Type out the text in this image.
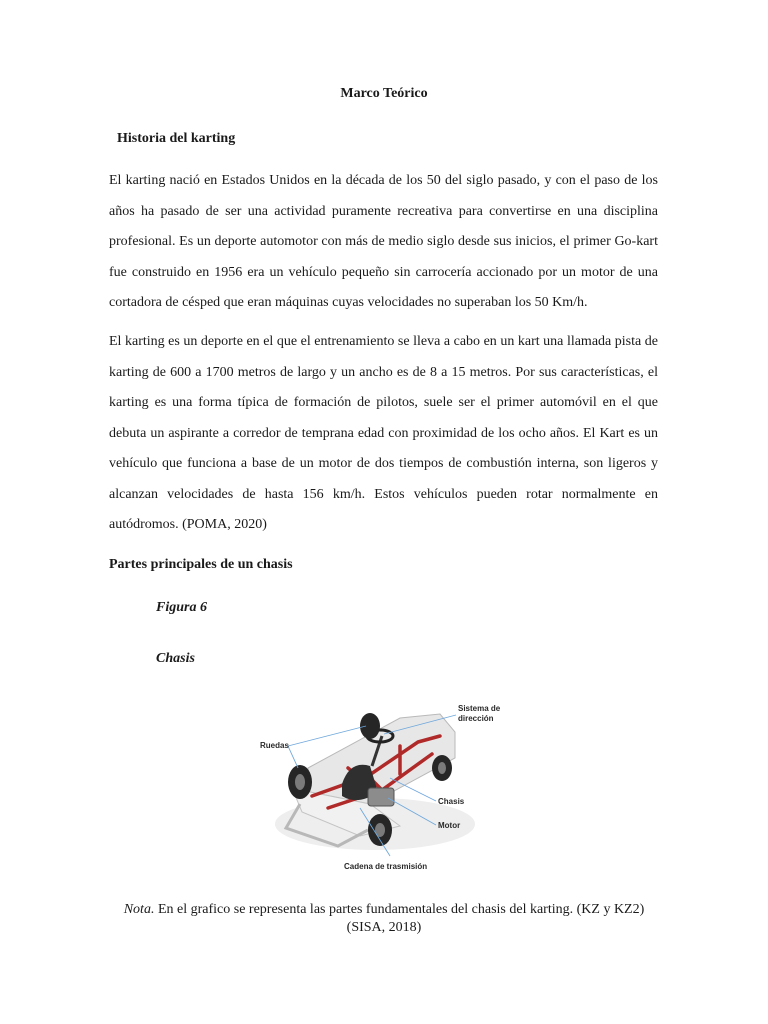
Marco Teórico
Historia del karting
El karting nació en Estados Unidos en la década de los 50 del siglo pasado, y con el paso de los años ha pasado de ser una actividad puramente recreativa para convertirse en una disciplina profesional. Es un deporte automotor con más de medio siglo desde sus inicios, el primer Go-kart fue construido en 1956 era un vehículo pequeño sin carrocería accionado por un motor de una cortadora de césped que eran máquinas cuyas velocidades no superaban los 50 Km/h.
El karting es un deporte en el que el entrenamiento se lleva a cabo en un kart una llamada pista de karting de 600 a 1700 metros de largo y un ancho es de 8 a 15 metros. Por sus características, el karting es una forma típica de formación de pilotos, suele ser el primer automóvil en el que debuta un aspirante a corredor de temprana edad con proximidad de los ocho años. El Kart es un vehículo que funciona a base de un motor de dos tiempos de combustión interna, son ligeros y alcanzan velocidades de hasta 156 km/h. Estos vehículos pueden rotar normalmente en autódromos. (POMA, 2020)
Partes principales de un chasis
Figura 6
Chasis
Sistema de
dirección
Ruedas
Chasis
Motor
Cadena de trasmisión
Nota. En el grafico se representa las partes fundamentales del chasis del karting. (KZ y KZ2) (SISA, 2018)
